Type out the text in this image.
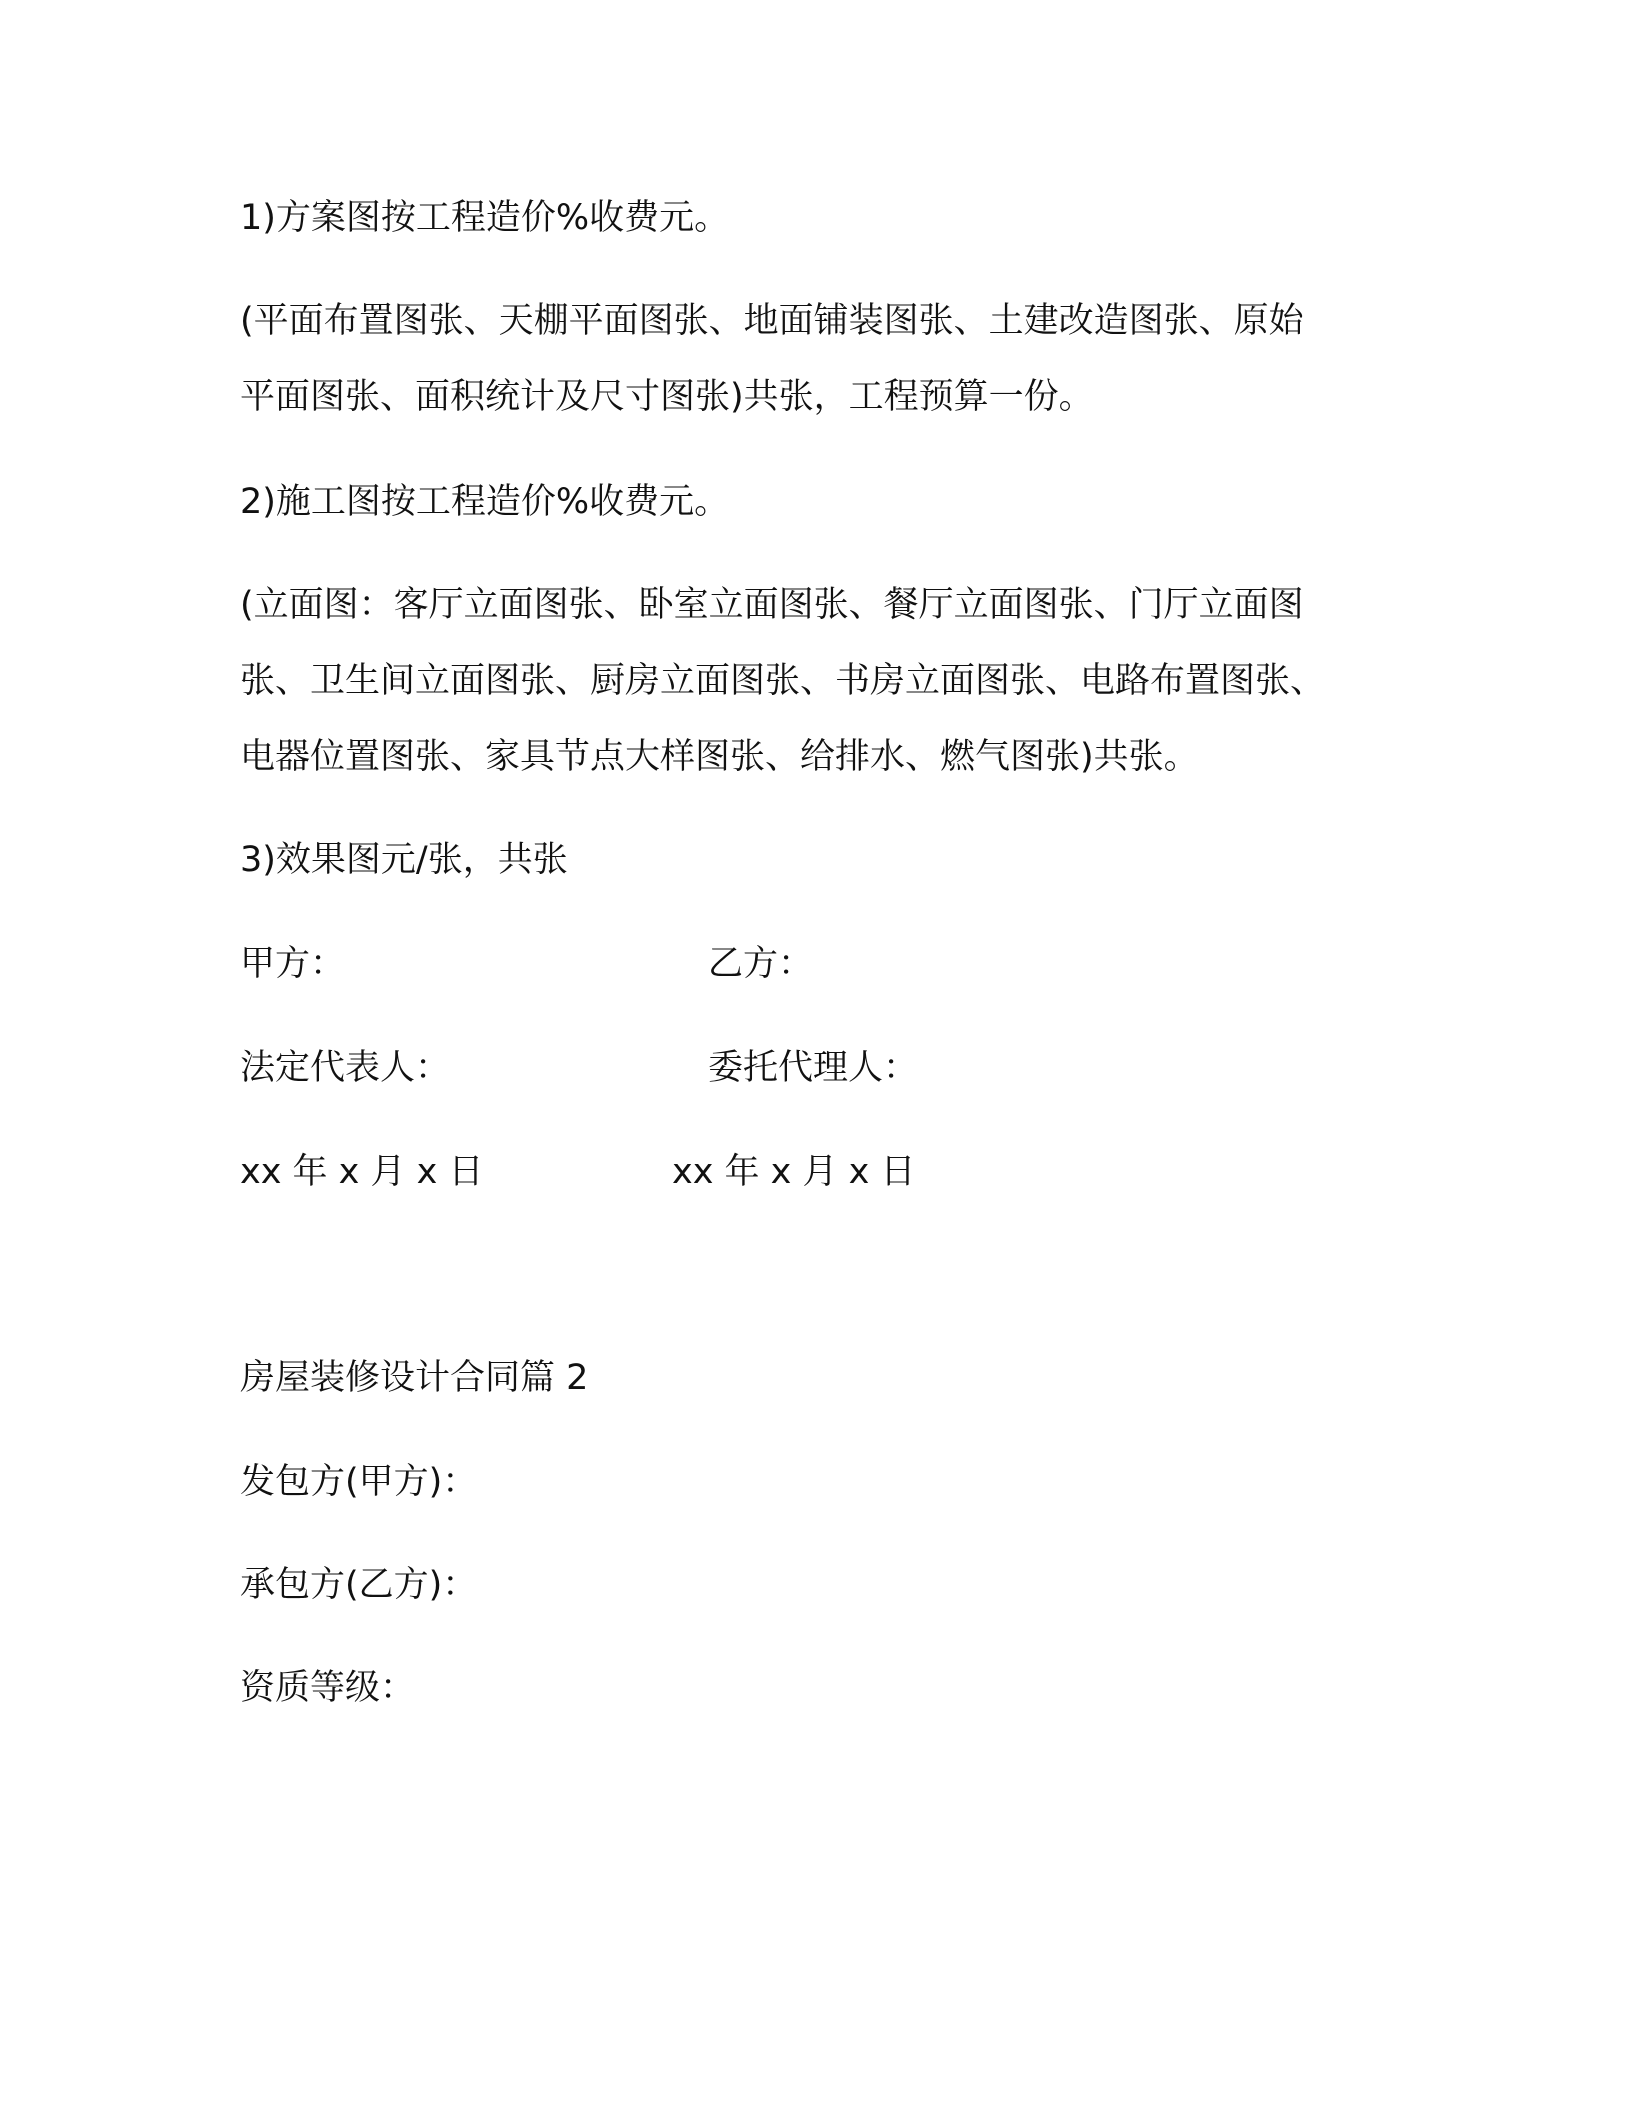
1)方案图按工程造价%收费元。
(平面布置图张、天棚平面图张、地面铺装图张、土建改造图张、原始
平面图张、面积统计及尺寸图张)共张，工程预算一份。
2)施工图按工程造价%收费元。
(立面图：客厅立面图张、卧室立面图张、餐厅立面图张、门厅立面图
张、卫生间立面图张、厨房立面图张、书房立面图张、电路布置图张、
电器位置图张、家具节点大样图张、给排水、燃气图张)共张。
3)效果图元/张，共张
甲方：	乙方：
法定代表人：	委托代理人：
xx 年 x 月 x 日	xx 年 x 月 x 日
房屋装修设计合同篇 2
发包方(甲方)：
承包方(乙方)：
资质等级：
